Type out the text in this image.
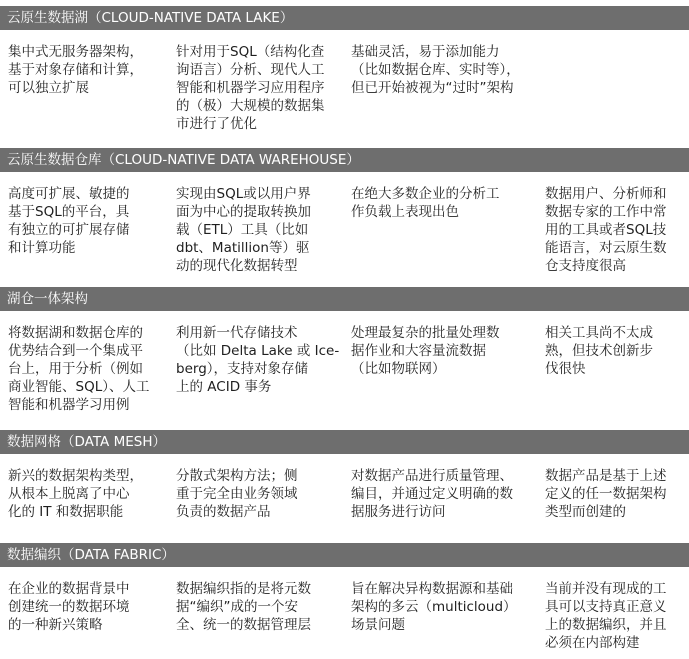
云原生数据湖（CLOUD-NATIVE DATA LAKE）
集中式无服务器架构，
基于对象存储和计算，
可以独立扩展
针对用于SQL（结构化查
询语言）分析、现代人工
智能和机器学习应用程序
的（极）大规模的数据集
市进行了优化
基础灵活，易于添加能力
（比如数据仓库、实时等），
但已开始被视为“过时”架构
云原生数据仓库（CLOUD-NATIVE DATA WAREHOUSE）
高度可扩展、敏捷的
基于SQL的平台，具
有独立的可扩展存储
和计算功能
实现由SQL或以用户界
面为中心的提取转换加
载（ETL）工具（比如
dbt、Matillion等）驱
动的现代化数据转型
在绝大多数企业的分析工
作负载上表现出色
数据用户、分析师和
数据专家的工作中常
用的工具或者SQL技
能语言，对云原生数
仓支持度很高
湖仓一体架构
将数据湖和数据仓库的
优势结合到一个集成平
台上，用于分析（例如
商业智能、SQL）、人工
智能和机器学习用例
利用新一代存储技术
（比如 Delta Lake 或 Ice-
berg），支持对象存储
上的 ACID 事务
处理最复杂的批量处理数
据作业和大容量流数据
（比如物联网）
相关工具尚不太成
熟，但技术创新步
伐很快
数据网格（DATA MESH）
新兴的数据架构类型，
从根本上脱离了中心
化的 IT 和数据职能
分散式架构方法；侧
重于完全由业务领域
负责的数据产品
对数据产品进行质量管理、
编目，并通过定义明确的数
据服务进行访问
数据产品是基于上述
定义的任一数据架构
类型而创建的
数据编织（DATA FABRIC）
在企业的数据背景中
创建统一的数据环境
的一种新兴策略
数据编织指的是将元数
据“编织”成的一个安
全、统一的数据管理层
旨在解决异构数据源和基础
架构的多云（multicloud）
场景问题
当前并没有现成的工
具可以支持真正意义
上的数据编织，并且
必须在内部构建
